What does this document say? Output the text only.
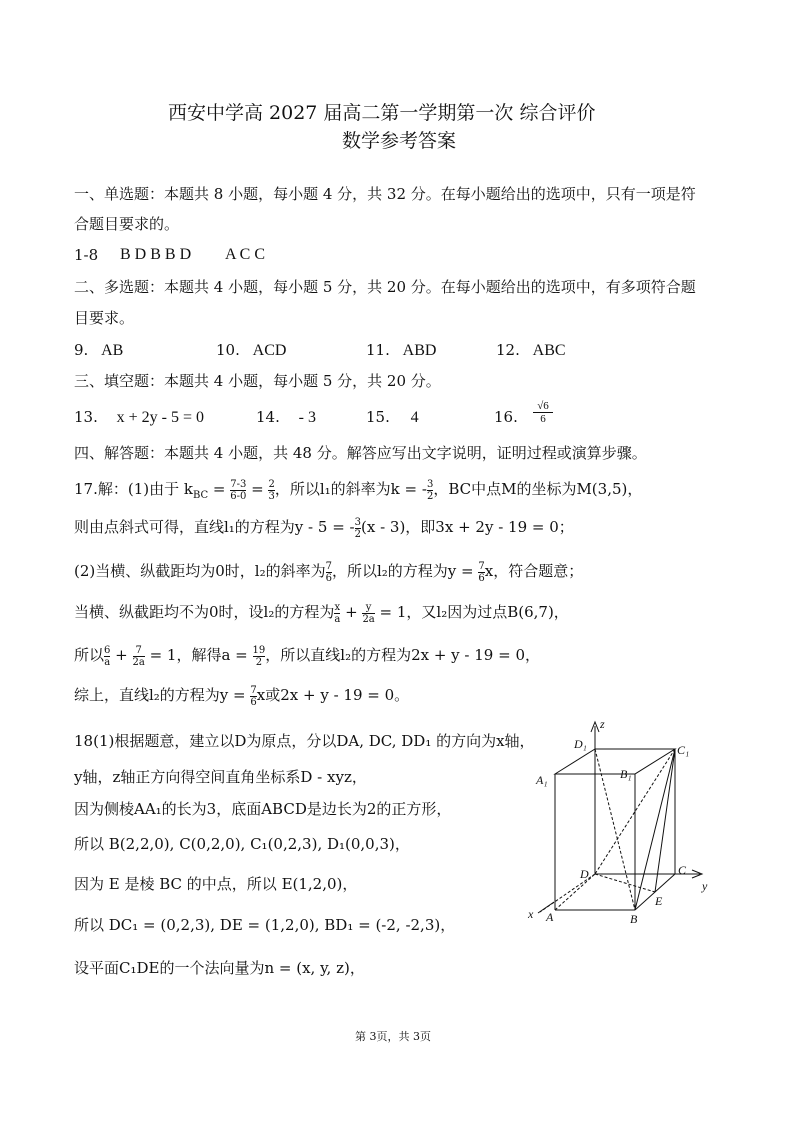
西安中学高 2027 届高二第一学期第一次 综合评价
数学参考答案
一、单选题：本题共 8 小题，每小题 4 分，共 32 分。在每小题给出的选项中，只有一项是符
合题目要求的。
1-8 B D B B D A C C
二、多选题：本题共 4 小题，每小题 5 分，共 20 分。在每小题给出的选项中，有多项符合题
目要求。
9. AB	10. ACD	11. ABD	12. ABC
三、填空题：本题共 4 小题，每小题 5 分，共 20 分。
13. x + 2y - 5 = 0	14. - 3	15. 4	16. $\frac{√6}{6}$
四、解答题：本题共 4 小题，共 48 分。解答应写出文字说明，证明过程或演算步骤。
17.解：(1)由于 $k_{BC} = \frac{7-3}{6-0} = \frac{2}{3}$ ，所以l₁的斜率为k = - $\frac{3}{2}$ ，BC中点M的坐标为M(3,5)，
则由点斜式可得，直线l₁的方程为y - 5 = - $\frac{3}{2} (x - 3)$，即3x + 2y - 19 = 0；
(2)当横、纵截距均为0时，l₂的斜率为 $\frac{7}{6}$ ，所以l₂的方程为$y = \frac{7}{6}$ x，符合题意；
当横、纵截距均不为0时，设l₂的方程为 $\frac{x}{a} + \frac{y}{2a} = 1$，又l₂因为过点B(6,7)，
所以 $\frac{6}{a} + \frac{7}{2a} = 1$，解得$a = \frac{19}{2}$ ，所以直线l₂的方程为2x + y - 19 = 0，
综上，直线l₂的方程为$y = \frac{7}{6}$ x或2x + y - 19 = 0。
18(1)根据题意，建立以D为原点，分以DA, DC, DD₁ 的方向为x轴，
y轴，z轴正方向得空间直角坐标系D - xyz，
因为侧棱AA₁的长为3，底面ABCD是边长为2的正方形，
所以 B(2,2,0), C(0,2,0), C₁(0,2,3), D₁(0,0,3)，
因为 E 是棱 BC 的中点，所以 E(1,2,0)，
所以 DC₁ = (0,2,3), DE = (1,2,0), BD₁ = (-2, -2,3)，
设平面C₁DE的一个法向量为n = (x, y, z)，
z
y
x
D₁	C₁
A₁	B₁
C
D
A	B
E
第 3页，共 3页
